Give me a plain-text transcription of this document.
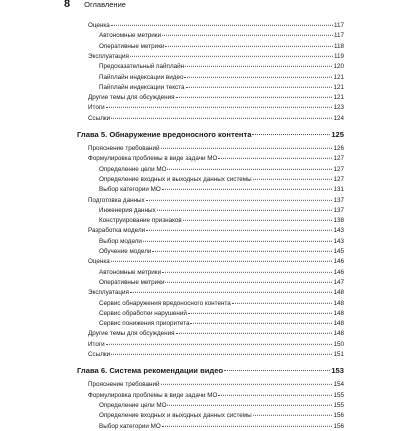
8 Оглавление
Оценка	117
Автономные метрики	117
Оперативные метрики	118
Эксплуатация	119
Предсказательный пайплайн	120
Пайплайн индексации видео	121
Пайплайн индексации текста	121
Другие темы для обсуждения	121
Итоги	123
Ссылки	124
Глава 5. Обнаружение вредоносного контента	125
Прояснение требований	126
Формулировка проблемы в виде задачи МО	127
Определение цели МО	127
Определение входных и выходных данных системы	127
Выбор категории МО	131
Подготовка данных	137
Инженерия данных	137
Конструирование признаков	138
Разработка модели	143
Выбор модели	143
Обучение модели	145
Оценка	146
Автономные метрики	146
Оперативные метрики	147
Эксплуатация	148
Сервис обнаружения вредоносного контента	148
Сервис обработки нарушений	148
Сервис понижения приоритета	148
Другие темы для обсуждения	148
Итоги	150
Ссылки	151
Глава 6. Система рекомендации видео	153
Прояснение требований	154
Формулировка проблемы в виде задачи МО	155
Определение цели МО	155
Определение входных и выходных данных системы	156
Выбор категории МО	156
